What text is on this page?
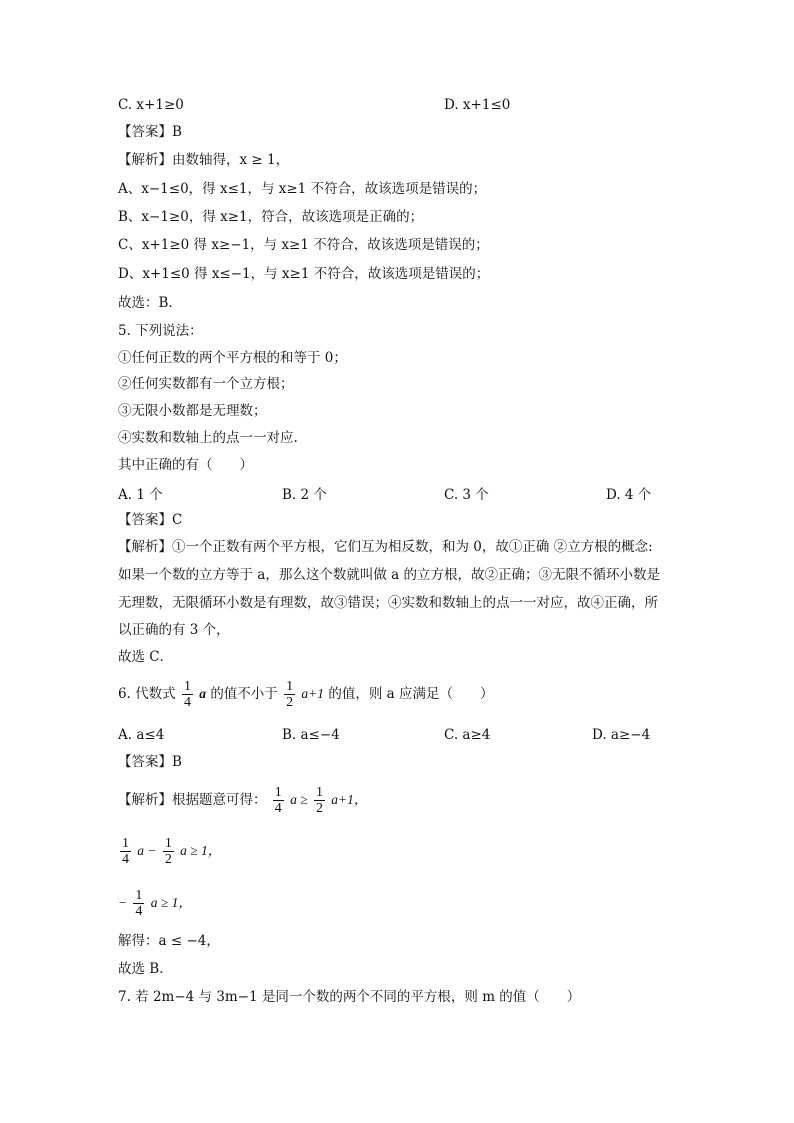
C. x+1≥0	D. x+1≤0
【答案】B
【解析】由数轴得，x ≥ 1，
A、x−1≤0，得 x≤1，与 x≥1 不符合，故该选项是错误的；
B、x−1≥0，得 x≥1，符合，故该选项是正确的；
C、x+1≥0 得 x≥−1，与 x≥1 不符合，故该选项是错误的；
D、x+1≤0 得 x≤−1，与 x≥1 不符合，故该选项是错误的；
故选：B．
5. 下列说法：
①任何正数的两个平方根的和等于 0；
②任何实数都有一个立方根；
③无限小数都是无理数；
④实数和数轴上的点一一对应.
其中正确的有（　　）
A. 1 个	B. 2 个	C. 3 个	D. 4 个
【答案】C
【解析】①一个正数有两个平方根，它们互为相反数，和为 0，故①正确 ②立方根的概念:
如果一个数的立方等于 a，那么这个数就叫做 a 的立方根，故②正确；③无限不循环小数是
无理数，无限循环小数是有理数，故③错误；④实数和数轴上的点一一对应，故④正确，所
以正确的有 3 个，
故选 C．
6. 代数式 $\frac{1}{4}$ a 的值不小于 $\frac{1}{2} a+1$ 的值，则 a 应满足（　　）
A. a≤4	B. a≤−4	C. a≥4	D. a≥−4
【答案】B
【解析】根据题意可得： $\frac{1}{4}$ $a \ge \frac{1}{2} a+1$，
$\frac{1}{4}$ $a - \frac{1}{2}$ a ≥ 1，
− $\frac{1}{4}$ a ≥ 1，
解得：a ≤ −4，
故选 B．
7. 若 2m−4 与 3m−1 是同一个数的两个不同的平方根，则 m 的值（　　）
